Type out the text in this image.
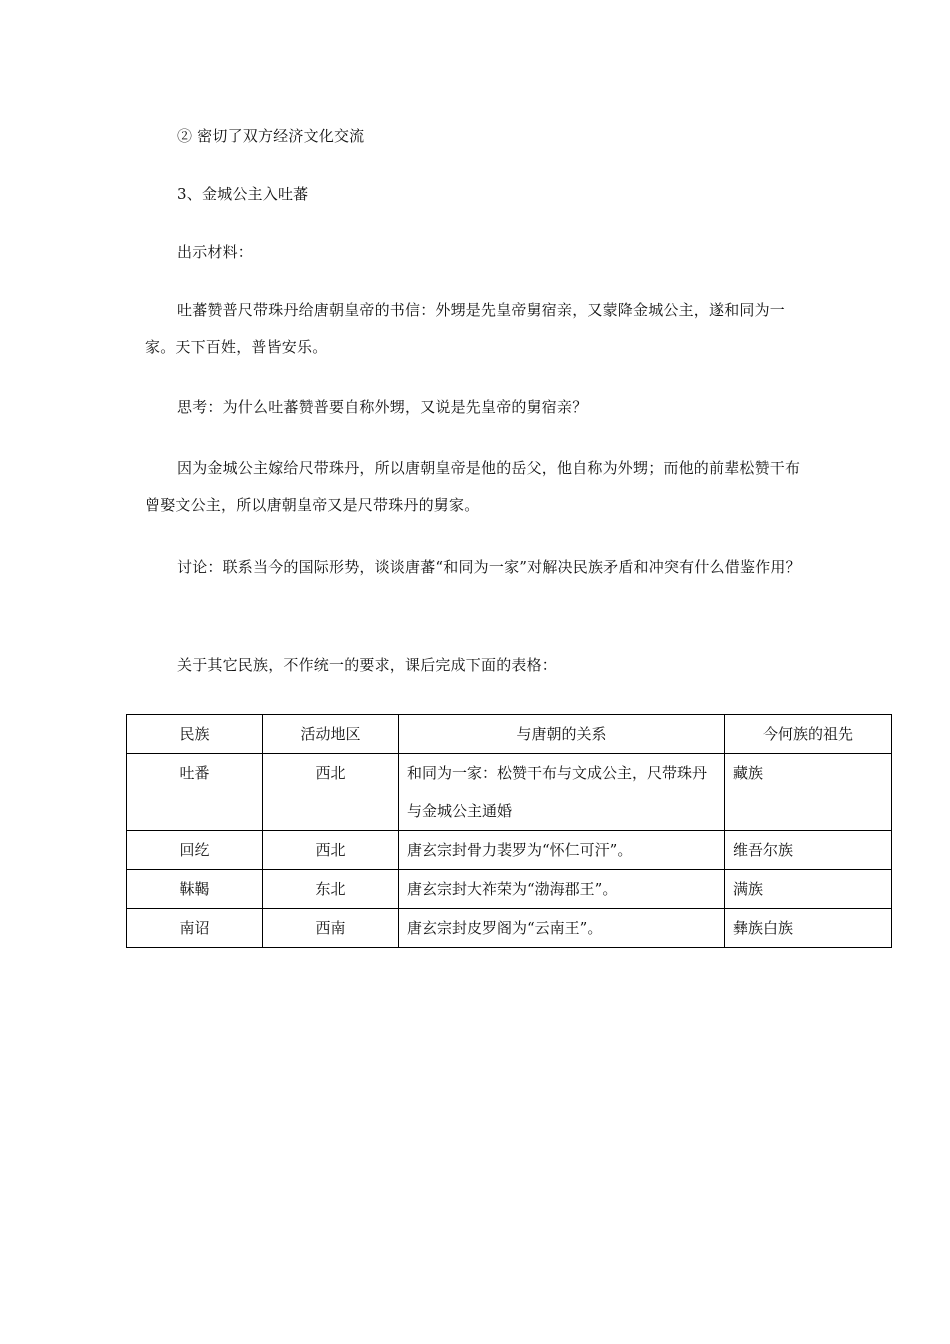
② 密切了双方经济文化交流

3、金城公主入吐蕃

出示材料：

吐蕃赞普尺带珠丹给唐朝皇帝的书信：外甥是先皇帝舅宿亲，又蒙降金城公主，遂和同为一家。天下百姓，普皆安乐。

思考：为什么吐蕃赞普要自称外甥，又说是先皇帝的舅宿亲？

因为金城公主嫁给尺带珠丹，所以唐朝皇帝是他的岳父，他自称为外甥；而他的前辈松赞干布曾娶文公主，所以唐朝皇帝又是尺带珠丹的舅家。

讨论：联系当今的国际形势，谈谈唐蕃“和同为一家”对解决民族矛盾和冲突有什么借鉴作用？

关于其它民族，不作统一的要求，课后完成下面的表格：

民族	活动地区	与唐朝的关系	今何族的祖先
吐番	西北	和同为一家：松赞干布与文成公主，尺带珠丹与金城公主通婚	藏族
回纥	西北	唐玄宗封骨力裴罗为“怀仁可汗”。	维吾尔族
靺鞨	东北	唐玄宗封大祚荣为“渤海郡王”。	满族
南诏	西南	唐玄宗封皮罗阁为“云南王”。	彝族白族
